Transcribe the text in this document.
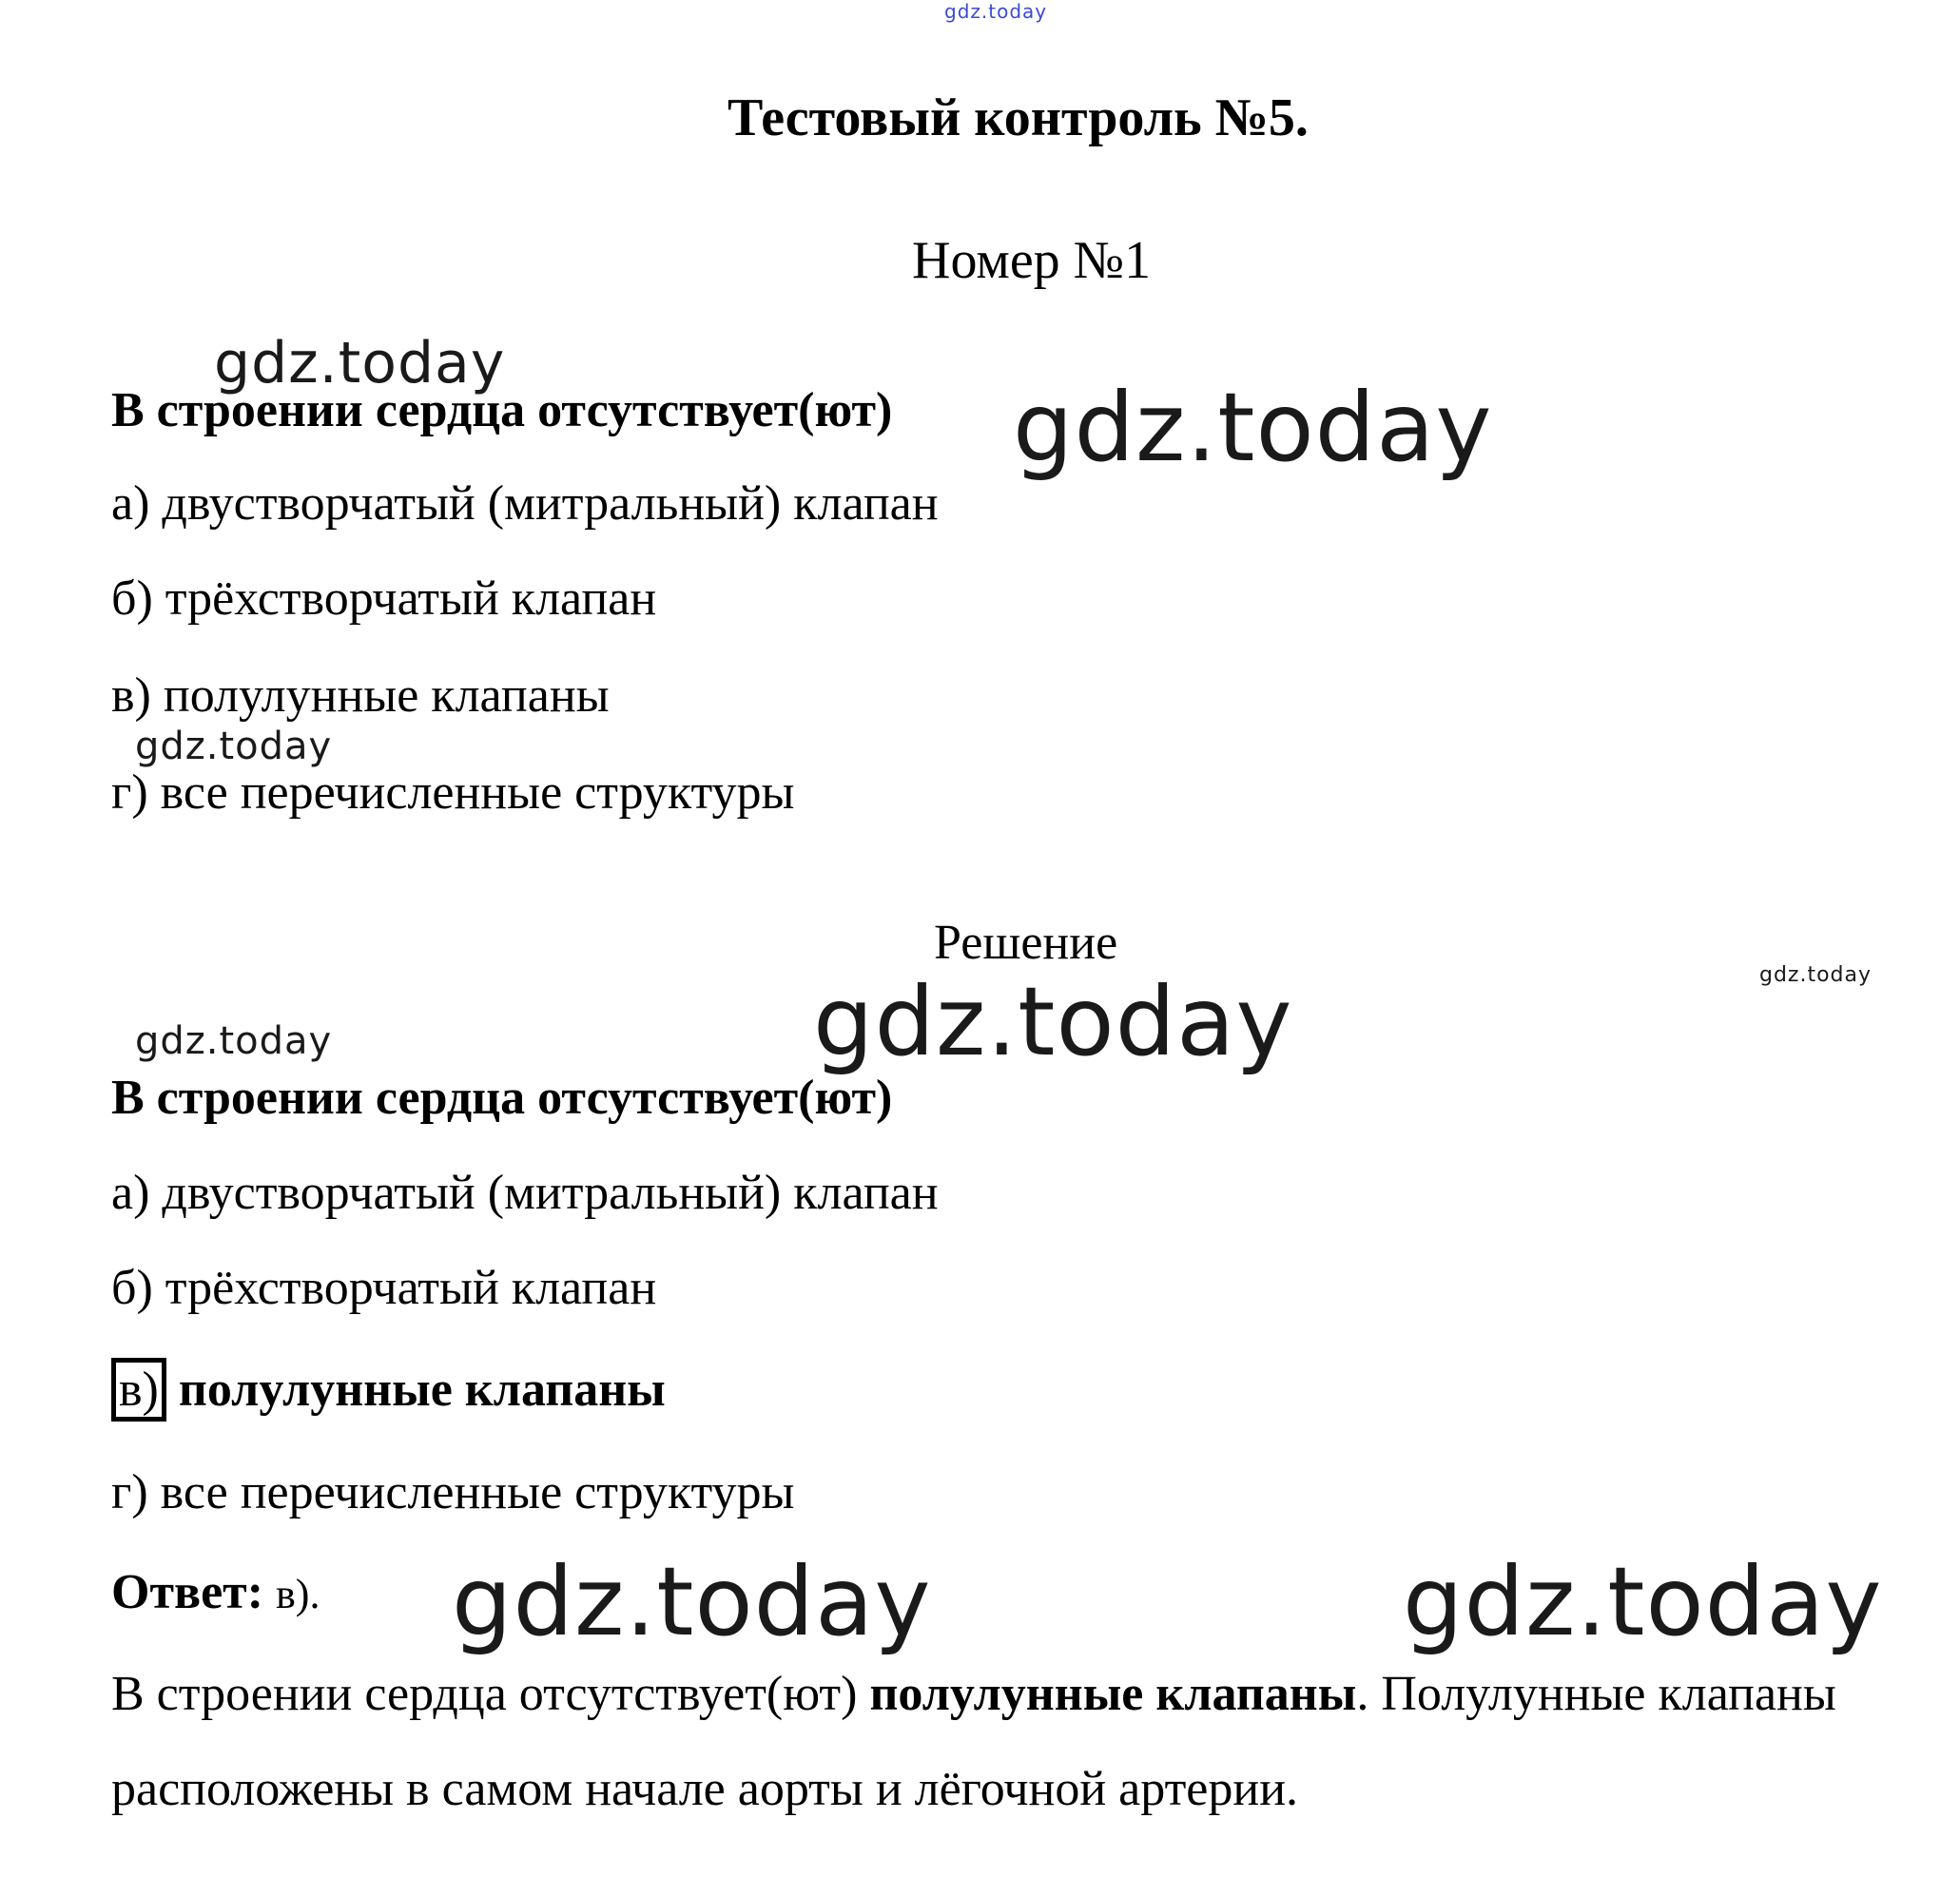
gdz.today
gdz.today
gdz.today
gdz.today
gdz.today
gdz.today
gdz.today
gdz.today	gdz.today
Тестовый контроль №5.
Номер №1
В строении сердца отсутствует(ют)
а) двустворчатый (митральный) клапан
б) трёхстворчатый клапан
в) полулунные клапаны
г) все перечисленные структуры
Решение
В строении сердца отсутствует(ют)
а) двустворчатый (митральный) клапан
б) трёхстворчатый клапан
в) полулунные клапаны
г) все перечисленные структуры
Ответ: в).
В строении сердца отсутствует(ют) полулунные клапаны. Полулунные клапаны расположены в самом начале аорты и лёгочной артерии.
